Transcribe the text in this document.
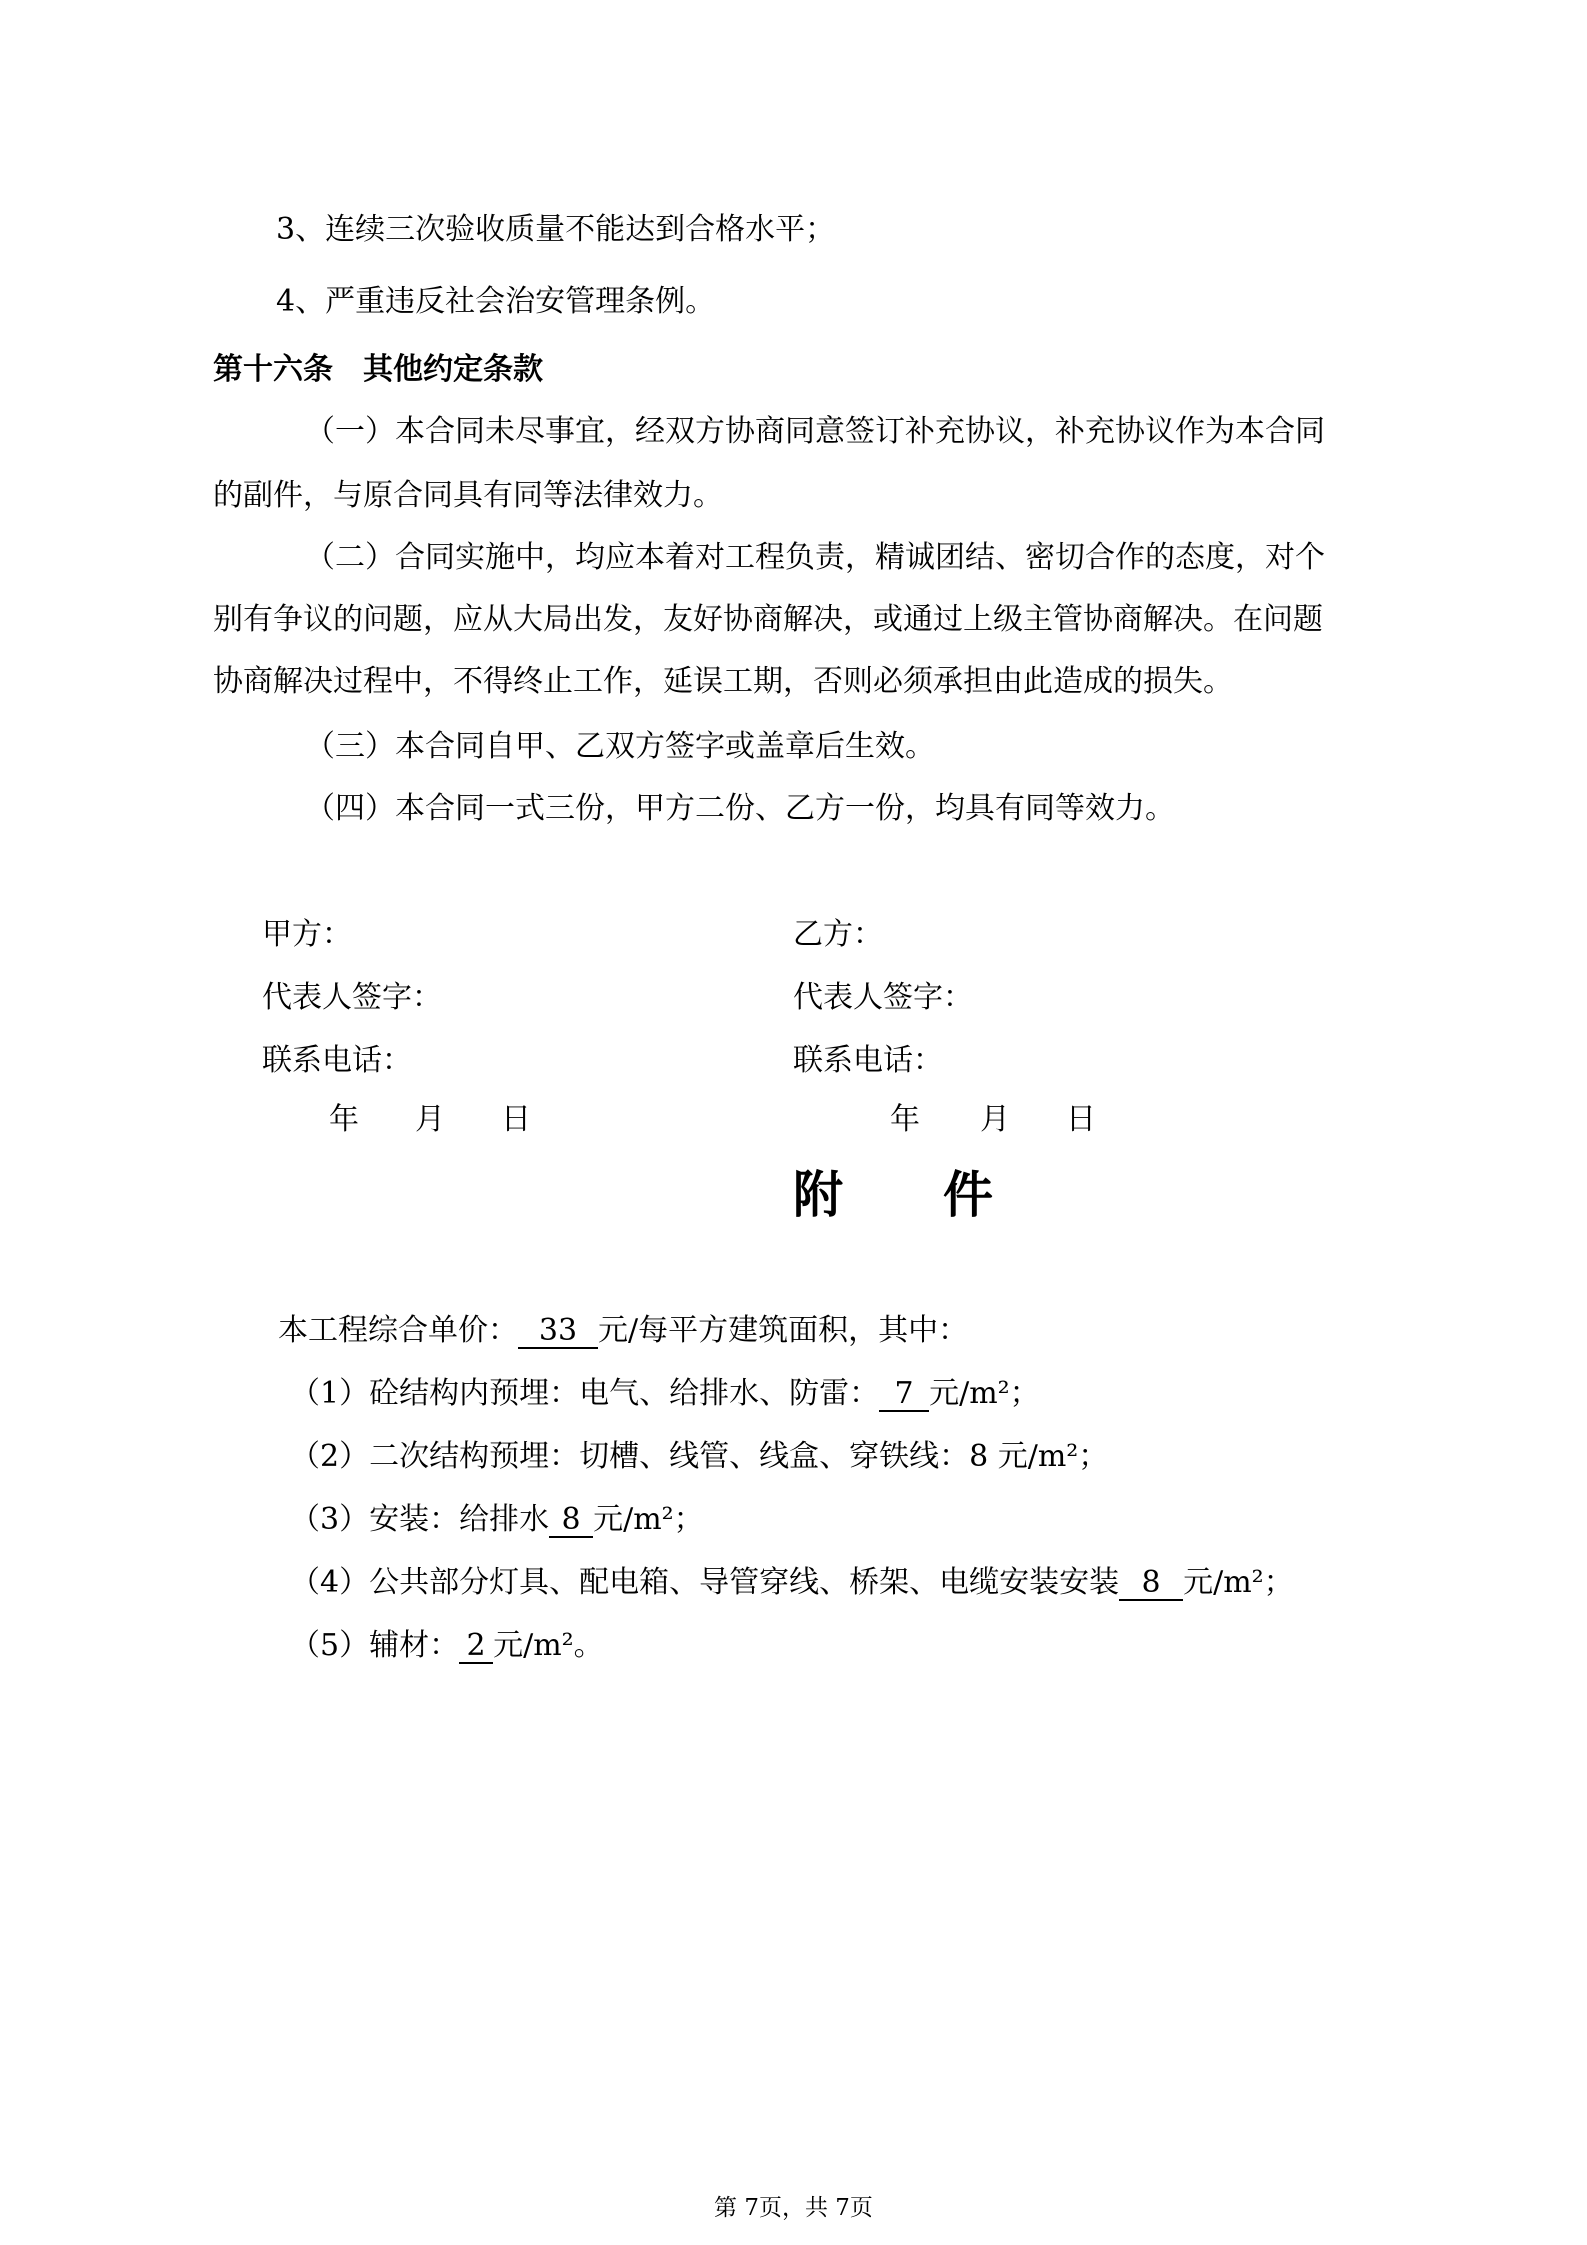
3、连续三次验收质量不能达到合格水平；
4、严重违反社会治安管理条例。
第十六条　其他约定条款
（一）本合同未尽事宜，经双方协商同意签订补充协议，补充协议作为本合同
的副件，与原合同具有同等法律效力。
（二）合同实施中，均应本着对工程负责，精诚团结、密切合作的态度，对个
别有争议的问题，应从大局出发，友好协商解决，或通过上级主管协商解决。在问题
协商解决过程中，不得终止工作，延误工期，否则必须承担由此造成的损失。
（三）本合同自甲、乙双方签字或盖章后生效。
（四）本合同一式三份，甲方二份、乙方一份，均具有同等效力。
甲方：	乙方：
代表人签字：	代表人签字：
联系电话：	联系电话：
年 月 日	年 月 日
附 件
本工程综合单价： 33 元/每平方建筑面积，其中：
（1）砼结构内预埋：电气、给排水、防雷： 7 元/m²；
（2）二次结构预埋：切槽、线管、线盒、穿铁线：8 元/m²；
（3）安装：给排水 8 元/m²；
（4）公共部分灯具、配电箱、导管穿线、桥架、电缆安装安装 8 元/m²；
（5）辅材： 2 元/m²。
第 7页，共 7页
